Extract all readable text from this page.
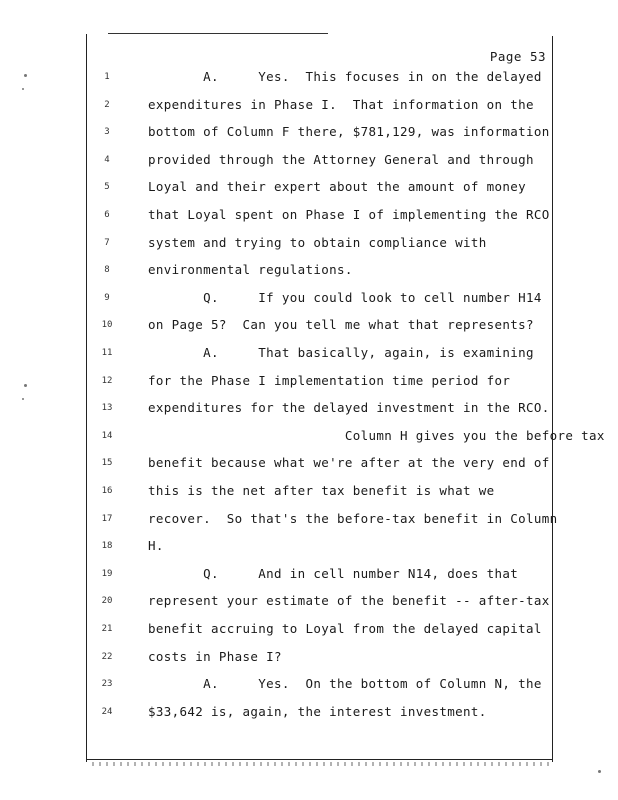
Page 53
1	A.     Yes.  This focuses in on the delayed
2	expenditures in Phase I.  That information on the
3	bottom of Column F there, $781,129, was information
4	provided through the Attorney General and through
5	Loyal and their expert about the amount of money
6	that Loyal spent on Phase I of implementing the RCO
7	system and trying to obtain compliance with
8	environmental regulations.
9	Q.     If you could look to cell number H14
10	on Page 5?  Can you tell me what that represents?
11	A.     That basically, again, is examining
12	for the Phase I implementation time period for
13	expenditures for the delayed investment in the RCO.
14	Column H gives you the before tax
15	benefit because what we're after at the very end of
16	this is the net after tax benefit is what we
17	recover.  So that's the before-tax benefit in Column
18	H.
19	Q.     And in cell number N14, does that
20	represent your estimate of the benefit -- after-tax
21	benefit accruing to Loyal from the delayed capital
22	costs in Phase I?
23	A.     Yes.  On the bottom of Column N, the
24	$33,642 is, again, the interest investment.
